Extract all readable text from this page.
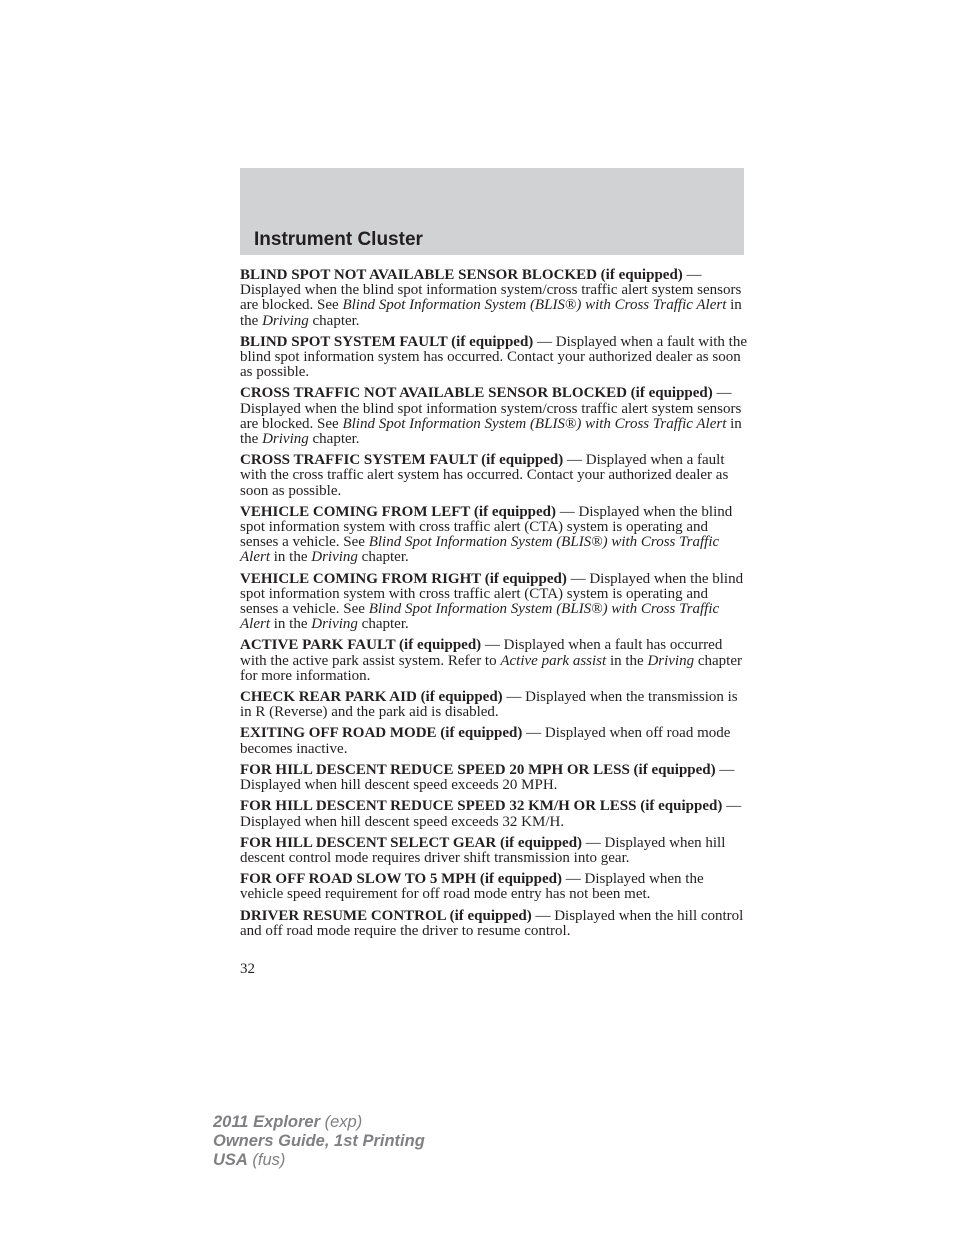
Instrument Cluster

BLIND SPOT NOT AVAILABLE SENSOR BLOCKED (if equipped) — Displayed when the blind spot information system/cross traffic alert system sensors are blocked. See Blind Spot Information System (BLIS®) with Cross Traffic Alert in the Driving chapter.

BLIND SPOT SYSTEM FAULT (if equipped) — Displayed when a fault with the blind spot information system has occurred. Contact your authorized dealer as soon as possible.

CROSS TRAFFIC NOT AVAILABLE SENSOR BLOCKED (if equipped) — Displayed when the blind spot information system/cross traffic alert system sensors are blocked. See Blind Spot Information System (BLIS®) with Cross Traffic Alert in the Driving chapter.

CROSS TRAFFIC SYSTEM FAULT (if equipped) — Displayed when a fault with the cross traffic alert system has occurred. Contact your authorized dealer as soon as possible.

VEHICLE COMING FROM LEFT (if equipped) — Displayed when the blind spot information system with cross traffic alert (CTA) system is operating and senses a vehicle. See Blind Spot Information System (BLIS®) with Cross Traffic Alert in the Driving chapter.

VEHICLE COMING FROM RIGHT (if equipped) — Displayed when the blind spot information system with cross traffic alert (CTA) system is operating and senses a vehicle. See Blind Spot Information System (BLIS®) with Cross Traffic Alert in the Driving chapter.

ACTIVE PARK FAULT (if equipped) — Displayed when a fault has occurred with the active park assist system. Refer to Active park assist in the Driving chapter for more information.

CHECK REAR PARK AID (if equipped) — Displayed when the transmission is in R (Reverse) and the park aid is disabled.

EXITING OFF ROAD MODE (if equipped) — Displayed when off road mode becomes inactive.

FOR HILL DESCENT REDUCE SPEED 20 MPH OR LESS (if equipped) — Displayed when hill descent speed exceeds 20 MPH.

FOR HILL DESCENT REDUCE SPEED 32 KM/H OR LESS (if equipped) — Displayed when hill descent speed exceeds 32 KM/H.

FOR HILL DESCENT SELECT GEAR (if equipped) — Displayed when hill descent control mode requires driver shift transmission into gear.

FOR OFF ROAD SLOW TO 5 MPH (if equipped) — Displayed when the vehicle speed requirement for off road mode entry has not been met.

DRIVER RESUME CONTROL (if equipped) — Displayed when the hill control and off road mode require the driver to resume control.

32
2011 Explorer (exp)
Owners Guide, 1st Printing
USA (fus)
